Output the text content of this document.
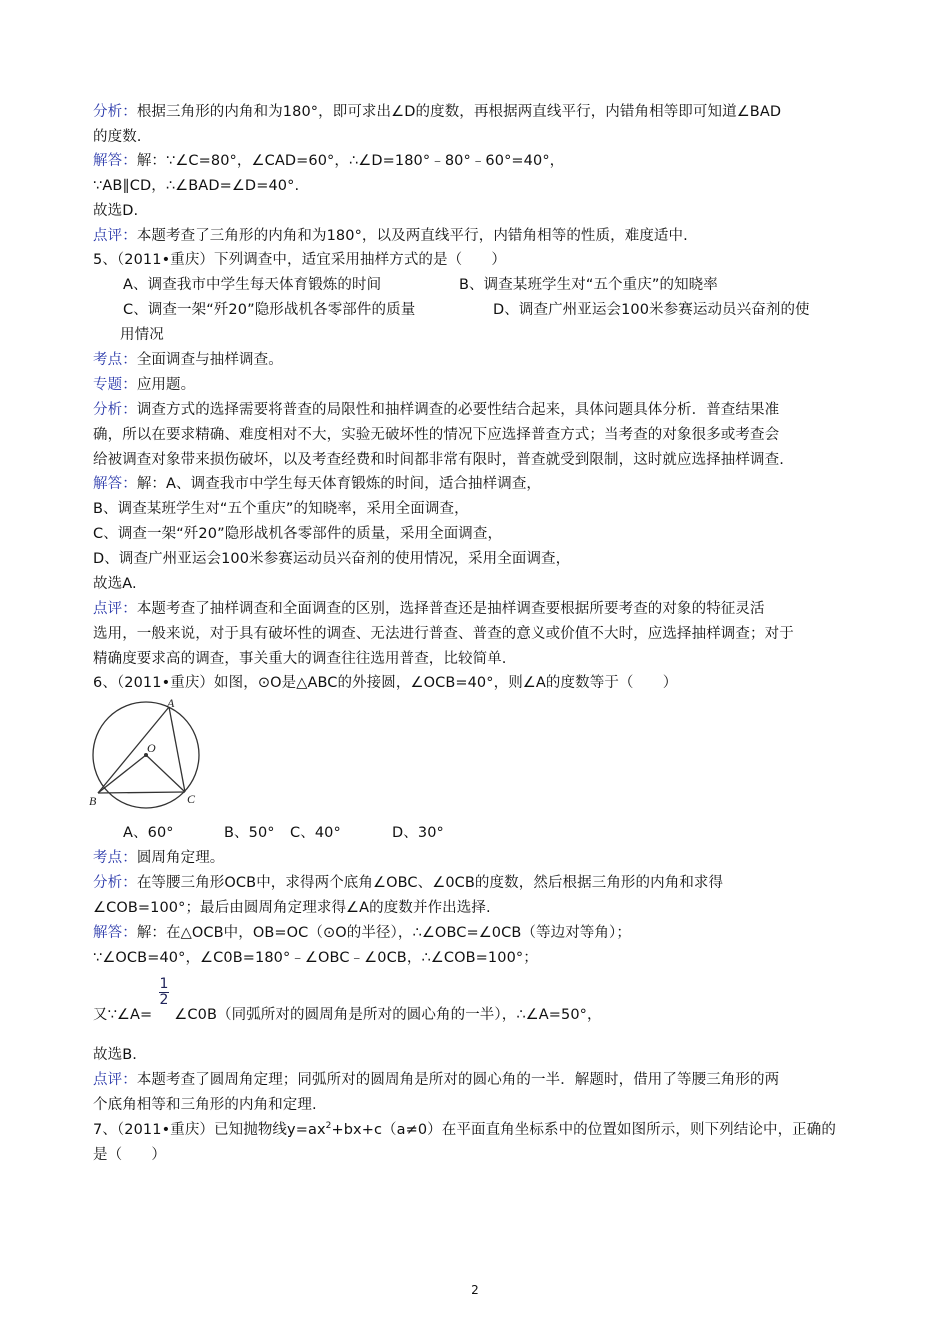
分析：根据三角形的内角和为180°，即可求出∠D的度数，再根据两直线平行，内错角相等即可知道∠BAD
的度数.
解答：解：∵∠C=80°，∠CAD=60°，∴∠D=180°﹣80°﹣60°=40°，
∵AB∥CD，∴∠BAD=∠D=40°.
故选D.
点评：本题考查了三角形的内角和为180°，以及两直线平行，内错角相等的性质，难度适中.
5、（2011•重庆）下列调查中，适宜采用抽样方式的是（　　）
A、调查我市中学生每天体育锻炼的时间	B、调查某班学生对“五个重庆”的知晓率
C、调查一架“歼20”隐形战机各零部件的质量	D、调查广州亚运会100米参赛运动员兴奋剂的使
用情况
考点：全面调查与抽样调查。
专题：应用题。
分析：调查方式的选择需要将普查的局限性和抽样调查的必要性结合起来，具体问题具体分析．普查结果准
确，所以在要求精确、难度相对不大，实验无破坏性的情况下应选择普查方式；当考查的对象很多或考查会
给被调查对象带来损伤破坏，以及考查经费和时间都非常有限时，普查就受到限制，这时就应选择抽样调查.
解答：解：A、调查我市中学生每天体育锻炼的时间，适合抽样调查，
B、调查某班学生对“五个重庆”的知晓率，采用全面调查，
C、调查一架“歼20”隐形战机各零部件的质量，采用全面调查，
D、调查广州亚运会100米参赛运动员兴奋剂的使用情况，采用全面调查，
故选A.
点评：本题考查了抽样调查和全面调查的区别，选择普查还是抽样调查要根据所要考查的对象的特征灵活
选用，一般来说，对于具有破坏性的调查、无法进行普查、普查的意义或价值不大时，应选择抽样调查；对于
精确度要求高的调查，事关重大的调查往往选用普查，比较简单.
6、（2011•重庆）如图，⊙O是△ABC的外接圆，∠OCB=40°，则∠A的度数等于（　　）
A
B	C
O
A、60°	B、50° C、40°	D、30°
考点：圆周角定理。
分析：在等腰三角形OCB中，求得两个底角∠OBC、∠0CB的度数，然后根据三角形的内角和求得
∠COB=100°；最后由圆周角定理求得∠A的度数并作出选择.
解答：解：在△OCB中，OB=OC（⊙O的半径），∴∠OBC=∠0CB（等边对等角）；
∵∠OCB=40°，∠C0B=180°﹣∠OBC﹣∠0CB，∴∠COB=100°；
1
2
又∵∠A= ∠C0B（同弧所对的圆周角是所对的圆心角的一半），∴∠A=50°，
故选B.
点评：本题考查了圆周角定理；同弧所对的圆周角是所对的圆心角的一半．解题时，借用了等腰三角形的两
个底角相等和三角形的内角和定理.
7、（2011•重庆）已知抛物线$y=ax^2+bx+c(a\ne 0)$在平面直角坐标系中的位置如图所示，则下列结论中，正确的
是（　　）
2
